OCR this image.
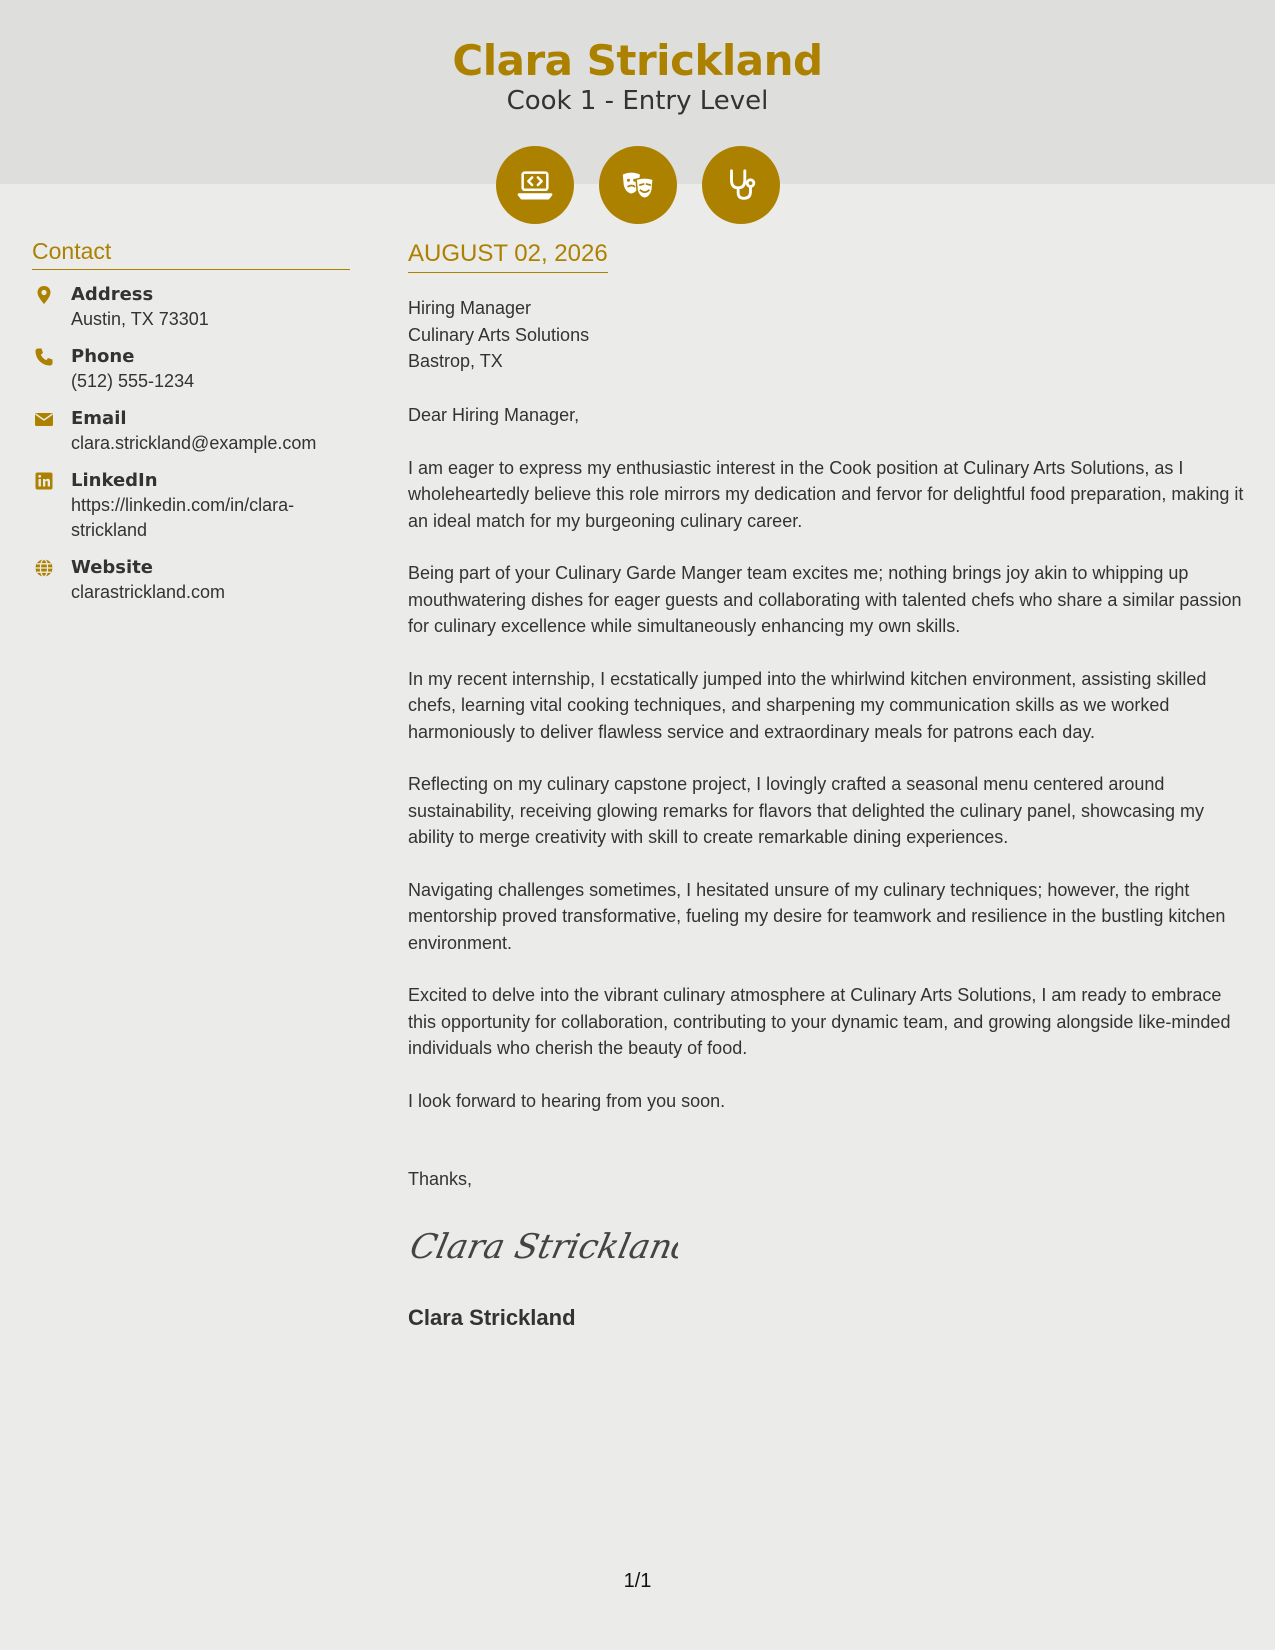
Clara Strickland
Cook 1 - Entry Level
Contact
Address
Austin, TX 73301
Phone
(512) 555-1234
Email
clara.strickland@example.com
LinkedIn
https://linkedin.com/in/clara-strickland
Website
clarastrickland.com
AUGUST 02, 2026
Hiring Manager
Culinary Arts Solutions
Bastrop, TX
Dear Hiring Manager,

I am eager to express my enthusiastic interest in the Cook position at Culinary Arts Solutions, as I wholeheartedly believe this role mirrors my dedication and fervor for delightful food preparation, making it an ideal match for my burgeoning culinary career.

Being part of your Culinary Garde Manger team excites me; nothing brings joy akin to whipping up mouthwatering dishes for eager guests and collaborating with talented chefs who share a similar passion for culinary excellence while simultaneously enhancing my own skills.

In my recent internship, I ecstatically jumped into the whirlwind kitchen environment, assisting skilled chefs, learning vital cooking techniques, and sharpening my communication skills as we worked harmoniously to deliver flawless service and extraordinary meals for patrons each day.

Reflecting on my culinary capstone project, I lovingly crafted a seasonal menu centered around sustainability, receiving glowing remarks for flavors that delighted the culinary panel, showcasing my ability to merge creativity with skill to create remarkable dining experiences.

Navigating challenges sometimes, I hesitated unsure of my culinary techniques; however, the right mentorship proved transformative, fueling my desire for teamwork and resilience in the bustling kitchen environment.

Excited to delve into the vibrant culinary atmosphere at Culinary Arts Solutions, I am ready to embrace this opportunity for collaboration, contributing to your dynamic team, and growing alongside like-minded individuals who cherish the beauty of food.

I look forward to hearing from you soon.

Thanks,
Clara Strickland
Clara Strickland
1/1
